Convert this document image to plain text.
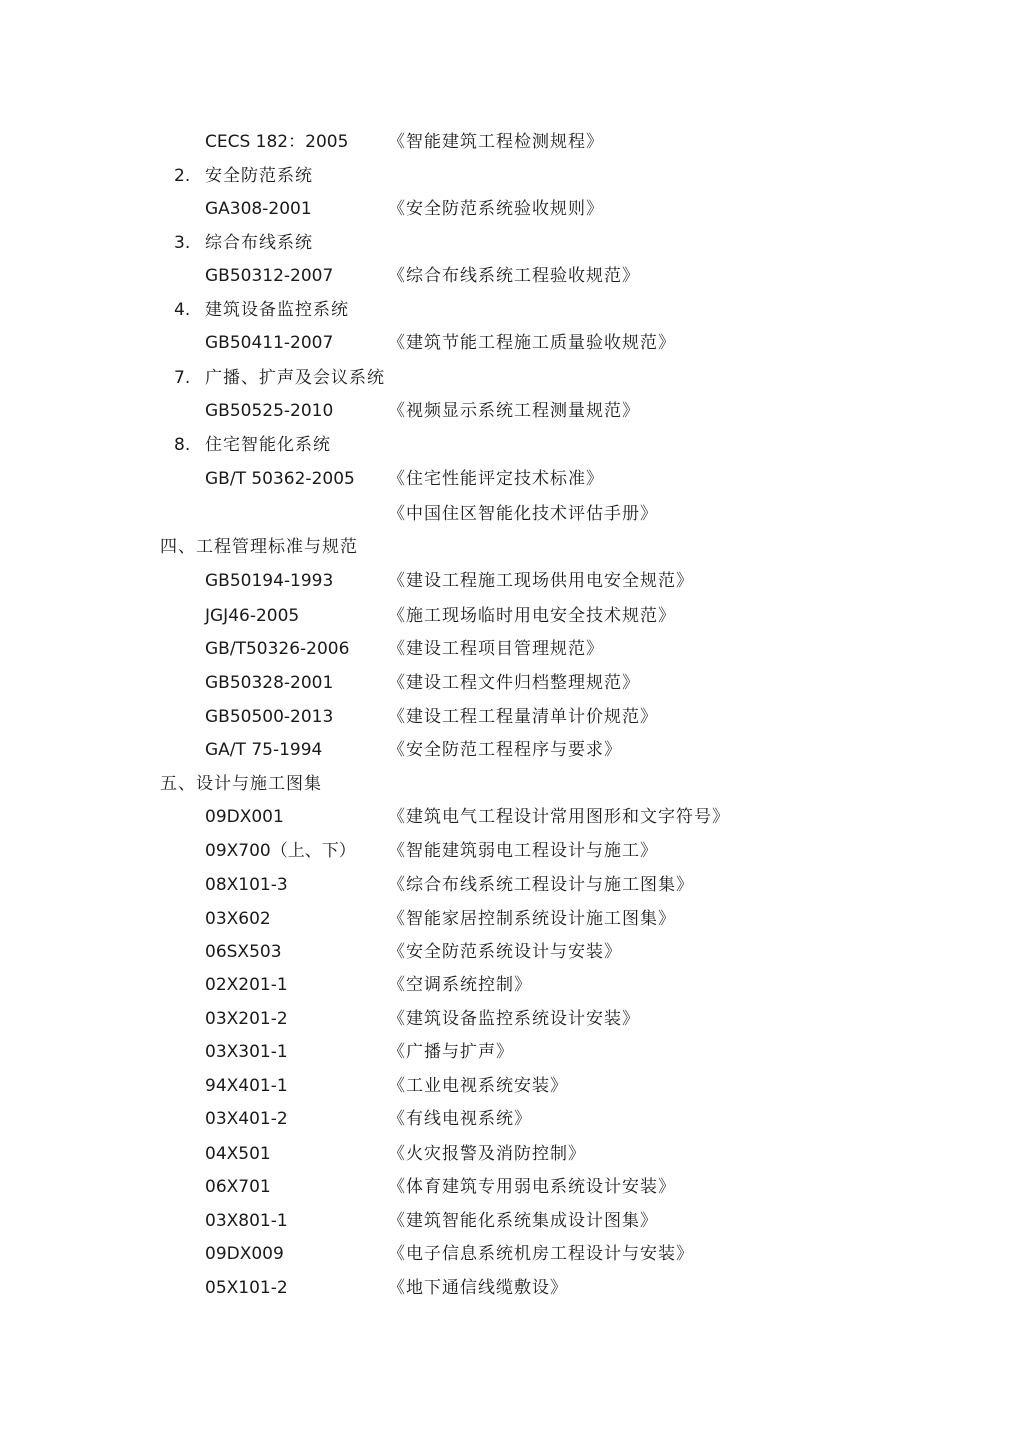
CECS 182：2005 《智能建筑工程检测规程》
2. 安全防范系统
GA308-2001	《安全防范系统验收规则》
3. 综合布线系统
GB50312-2007	《综合布线系统工程验收规范》
4. 建筑设备监控系统
GB50411-2007	《建筑节能工程施工质量验收规范》
7. 广播、扩声及会议系统
GB50525-2010	《视频显示系统工程测量规范》
8. 住宅智能化系统
GB/T 50362-2005 《住宅性能评定技术标准》
《中国住区智能化技术评估手册》
四、工程管理标准与规范
GB50194-1993	《建设工程施工现场供用电安全规范》
JGJ46-2005	《施工现场临时用电安全技术规范》
GB/T50326-2006 《建设工程项目管理规范》
GB50328-2001	《建设工程文件归档整理规范》
GB50500-2013	《建设工程工程量清单计价规范》
GA/T 75-1994	《安全防范工程程序与要求》
五、设计与施工图集
09DX001	《建筑电气工程设计常用图形和文字符号》
09X700（上、下） 《智能建筑弱电工程设计与施工》
08X101-3	《综合布线系统工程设计与施工图集》
03X602	《智能家居控制系统设计施工图集》
06SX503	《安全防范系统设计与安装》
02X201-1	《空调系统控制》
03X201-2	《建筑设备监控系统设计安装》
03X301-1	《广播与扩声》
94X401-1	《工业电视系统安装》
03X401-2	《有线电视系统》
04X501	《火灾报警及消防控制》
06X701	《体育建筑专用弱电系统设计安装》
03X801-1	《建筑智能化系统集成设计图集》
09DX009	《电子信息系统机房工程设计与安装》
05X101-2	《地下通信线缆敷设》
